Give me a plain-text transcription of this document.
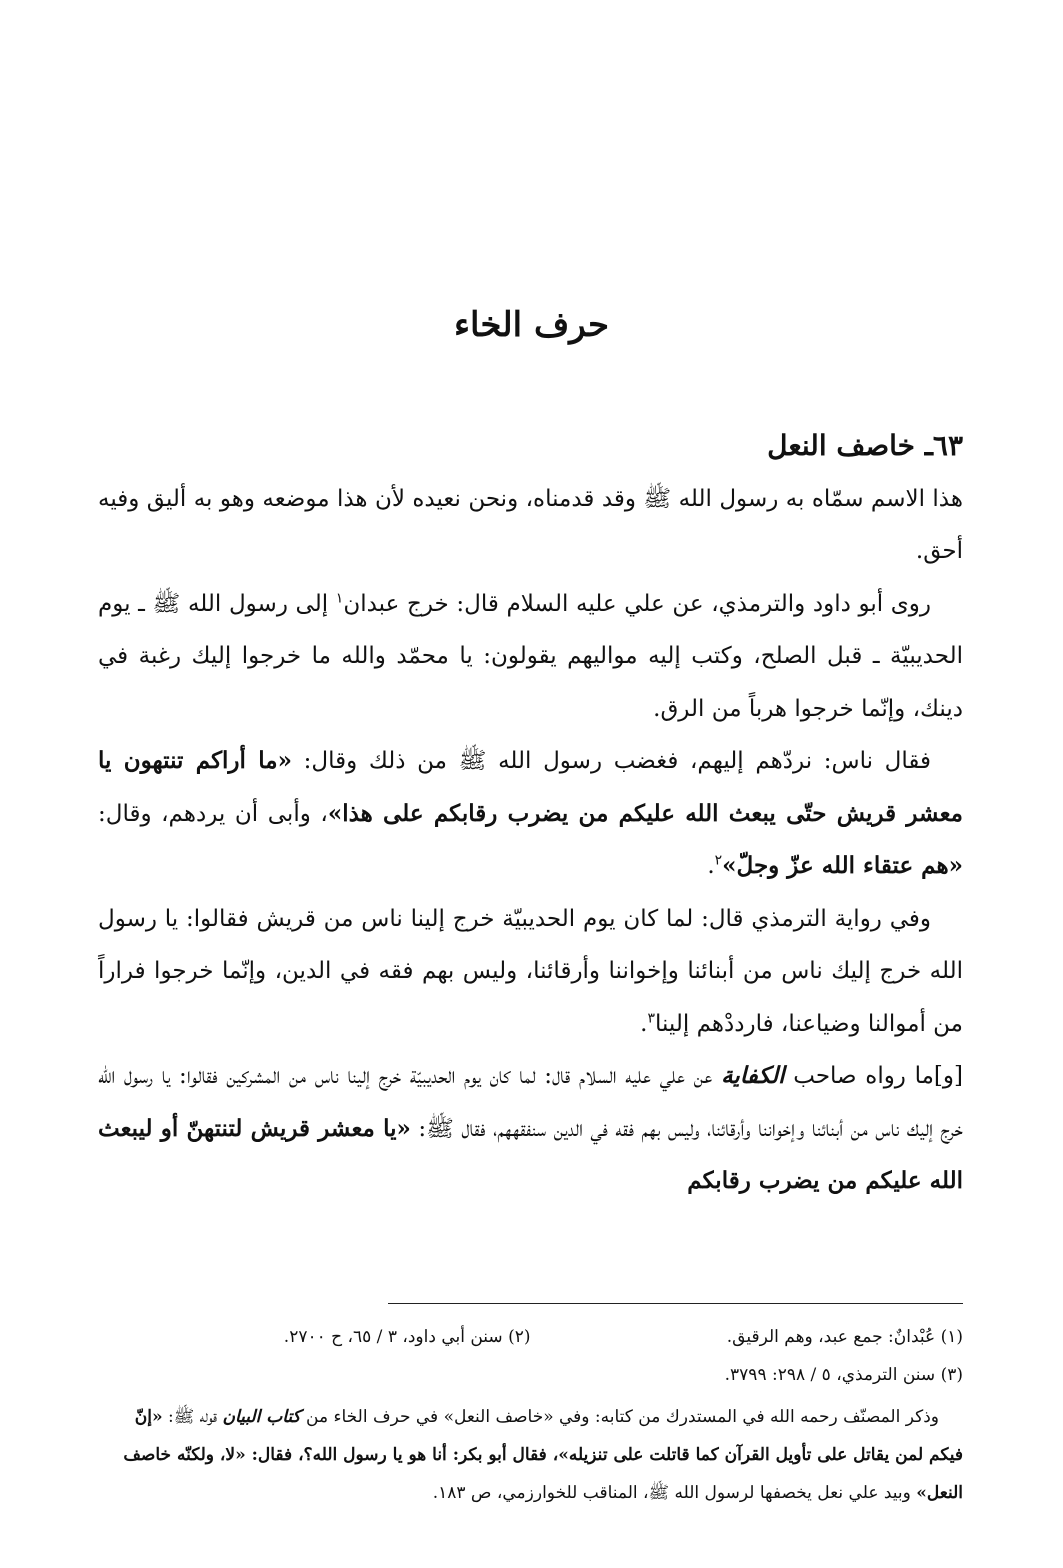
حرف الخاء

٦٣ـ خاصف النعل

هذا الاسم سمّاه به رسول الله ﷺ وقد قدمناه، ونحن نعيده لأن هذا موضعه وهو به أليق وفيه أحق.

روى أبو داود والترمذي، عن علي عليه السلام قال: خرج عبدان$^١$ إلى رسول الله ﷺ ـ يوم الحديبيّة ـ قبل الصلح، وكتب إليه مواليهم يقولون: يا محمّد والله ما خرجوا إليك رغبة في دينك، وإنّما خرجوا هرباً من الرق.

فقال ناس: نردّهم إليهم، فغضب رسول الله ﷺ من ذلك وقال: «ما أراكم تنتهون يا معشر قريش حتّى يبعث الله عليكم من يضرب رقابكم على هذا»، وأبى أن يردهم، وقال: «هم عتقاء الله عزّ وجلّ»$^٢$.

وفي رواية الترمذي قال: لما كان يوم الحديبيّة خرج إلينا ناس من قريش فقالوا: يا رسول الله خرج إليك ناس من أبنائنا وإخواننا وأرقائنا، وليس بهم فقه في الدين، وإنّما خرجوا فراراً من أموالنا وضياعنا، فارددْهم إلينا$^٣$.

[و]ما رواه صاحب الكفاية عن علي عليه السلام قال: لما كان يوم الحديبيّة خرج إلينا ناس من المشركين فقالوا: يا رسول الله خرج إليك ناس من أبنائنا وإخواننا وأرقائنا، وليس بهم فقه في الدين سنفقههم، فقال ﷺ: «يا معشر قريش لتنتهنّ أو ليبعث الله عليكم من يضرب رقابكم

(١) عُبْدانٌ: جمع عبد، وهم الرقيق.
(٢) سنن أبي داود، ٣ / ٦٥، ح ٢٧٠٠.
(٣) سنن الترمذي، ٥ / ٢٩٨: ٣٧٩٩.

وذكر المصنّف رحمه الله في المستدرك من كتابه: وفي «خاصف النعل» في حرف الخاء من كتاب البيان قوله ﷺ: «إنّ فيكم لمن يقاتل على تأويل القرآن كما قاتلت على تنزيله»، فقال أبو بكر: أنا هو يا رسول الله؟، فقال: «لا، ولكنّه خاصف النعل» وبيد علي نعل يخصفها لرسول الله ﷺ، المناقب للخوارزمي، ص ١٨٣.
